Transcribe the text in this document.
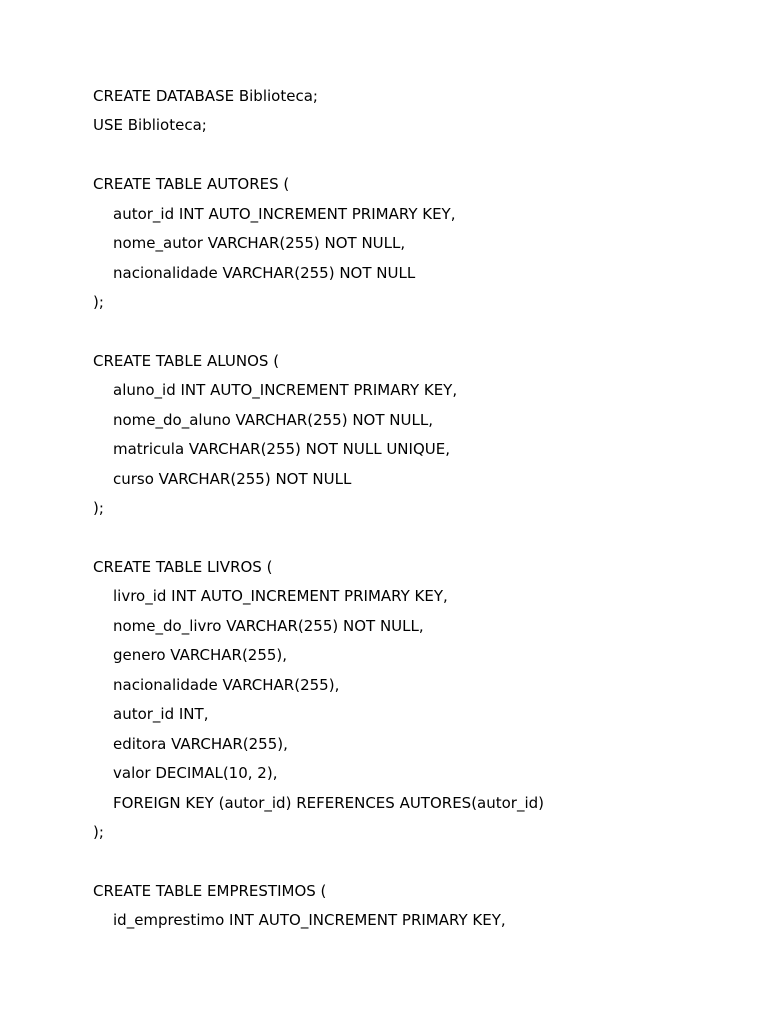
CREATE DATABASE Biblioteca;
USE Biblioteca;
CREATE TABLE AUTORES (
autor_id INT AUTO_INCREMENT PRIMARY KEY,
nome_autor VARCHAR(255) NOT NULL,
nacionalidade VARCHAR(255) NOT NULL
);
CREATE TABLE ALUNOS (
aluno_id INT AUTO_INCREMENT PRIMARY KEY,
nome_do_aluno VARCHAR(255) NOT NULL,
matricula VARCHAR(255) NOT NULL UNIQUE,
curso VARCHAR(255) NOT NULL
);
CREATE TABLE LIVROS (
livro_id INT AUTO_INCREMENT PRIMARY KEY,
nome_do_livro VARCHAR(255) NOT NULL,
genero VARCHAR(255),
nacionalidade VARCHAR(255),
autor_id INT,
editora VARCHAR(255),
valor DECIMAL(10, 2),
FOREIGN KEY (autor_id) REFERENCES AUTORES(autor_id)
);
CREATE TABLE EMPRESTIMOS (
id_emprestimo INT AUTO_INCREMENT PRIMARY KEY,
